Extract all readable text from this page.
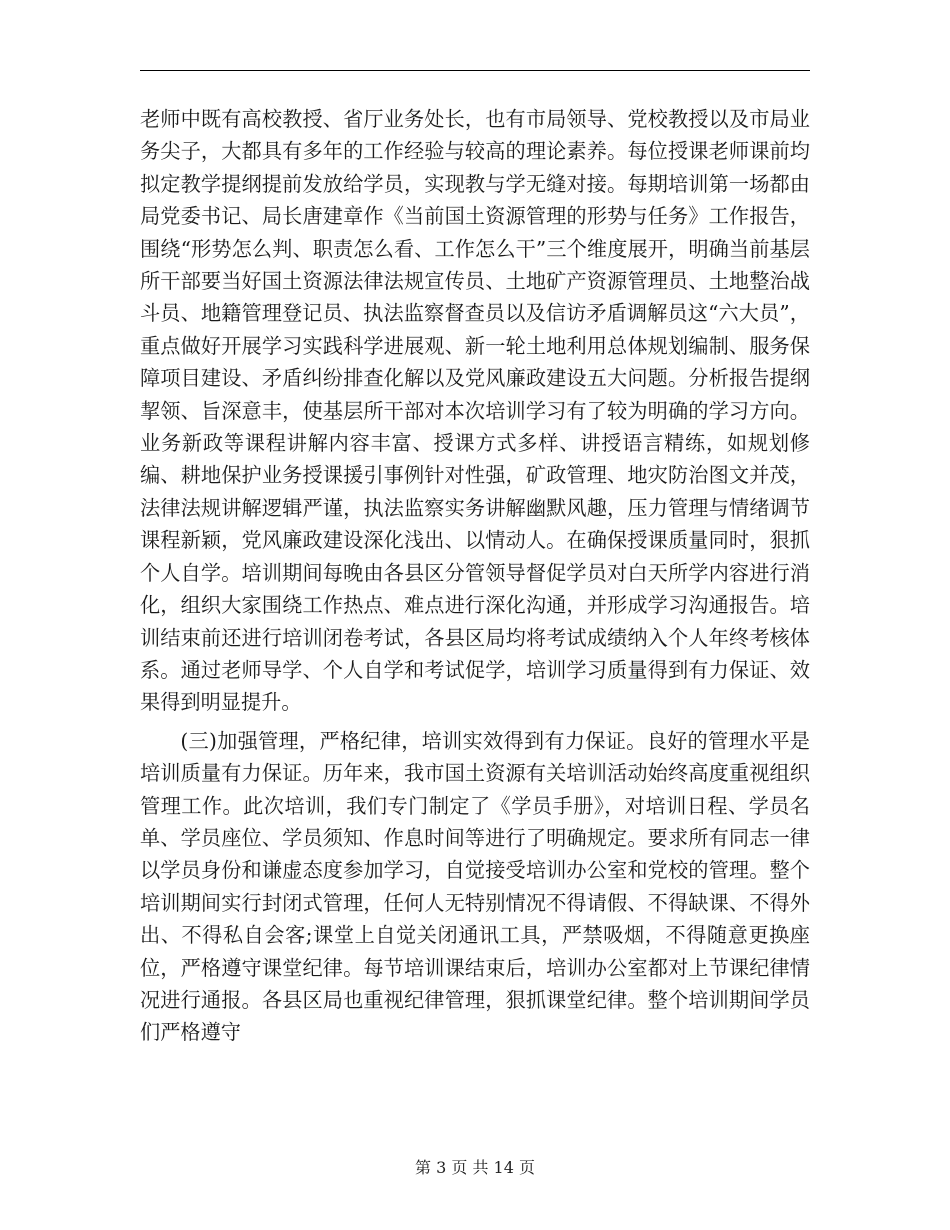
老师中既有高校教授、省厅业务处长，也有市局领导、党校教授以及市局业务尖子，大都具有多年的工作经验与较高的理论素养。每位授课老师课前均拟定教学提纲提前发放给学员，实现教与学无缝对接。每期培训第一场都由局党委书记、局长唐建章作《当前国土资源管理的形势与任务》工作报告，围绕“形势怎么判、职责怎么看、工作怎么干”三个维度展开，明确当前基层所干部要当好国土资源法律法规宣传员、土地矿产资源管理员、土地整治战斗员、地籍管理登记员、执法监察督查员以及信访矛盾调解员这“六大员”，重点做好开展学习实践科学进展观、新一轮土地利用总体规划编制、服务保障项目建设、矛盾纠纷排查化解以及党风廉政建设五大问题。分析报告提纲挈领、旨深意丰，使基层所干部对本次培训学习有了较为明确的学习方向。业务新政等课程讲解内容丰富、授课方式多样、讲授语言精练，如规划修编、耕地保护业务授课援引事例针对性强，矿政管理、地灾防治图文并茂，法律法规讲解逻辑严谨，执法监察实务讲解幽默风趣，压力管理与情绪调节课程新颖，党风廉政建设深化浅出、以情动人。在确保授课质量同时，狠抓个人自学。培训期间每晚由各县区分管领导督促学员对白天所学内容进行消化，组织大家围绕工作热点、难点进行深化沟通，并形成学习沟通报告。培训结束前还进行培训闭卷考试，各县区局均将考试成绩纳入个人年终考核体系。通过老师导学、个人自学和考试促学，培训学习质量得到有力保证、效果得到明显提升。

(三)加强管理，严格纪律，培训实效得到有力保证。良好的管理水平是培训质量有力保证。历年来，我市国土资源有关培训活动始终高度重视组织管理工作。此次培训，我们专门制定了《学员手册》，对培训日程、学员名单、学员座位、学员须知、作息时间等进行了明确规定。要求所有同志一律以学员身份和谦虚态度参加学习，自觉接受培训办公室和党校的管理。整个培训期间实行封闭式管理，任何人无特别情况不得请假、不得缺课、不得外出、不得私自会客;课堂上自觉关闭通讯工具，严禁吸烟，不得随意更换座位，严格遵守课堂纪律。每节培训课结束后，培训办公室都对上节课纪律情况进行通报。各县区局也重视纪律管理，狠抓课堂纪律。整个培训期间学员们严格遵守

第 3 页 共 14 页
